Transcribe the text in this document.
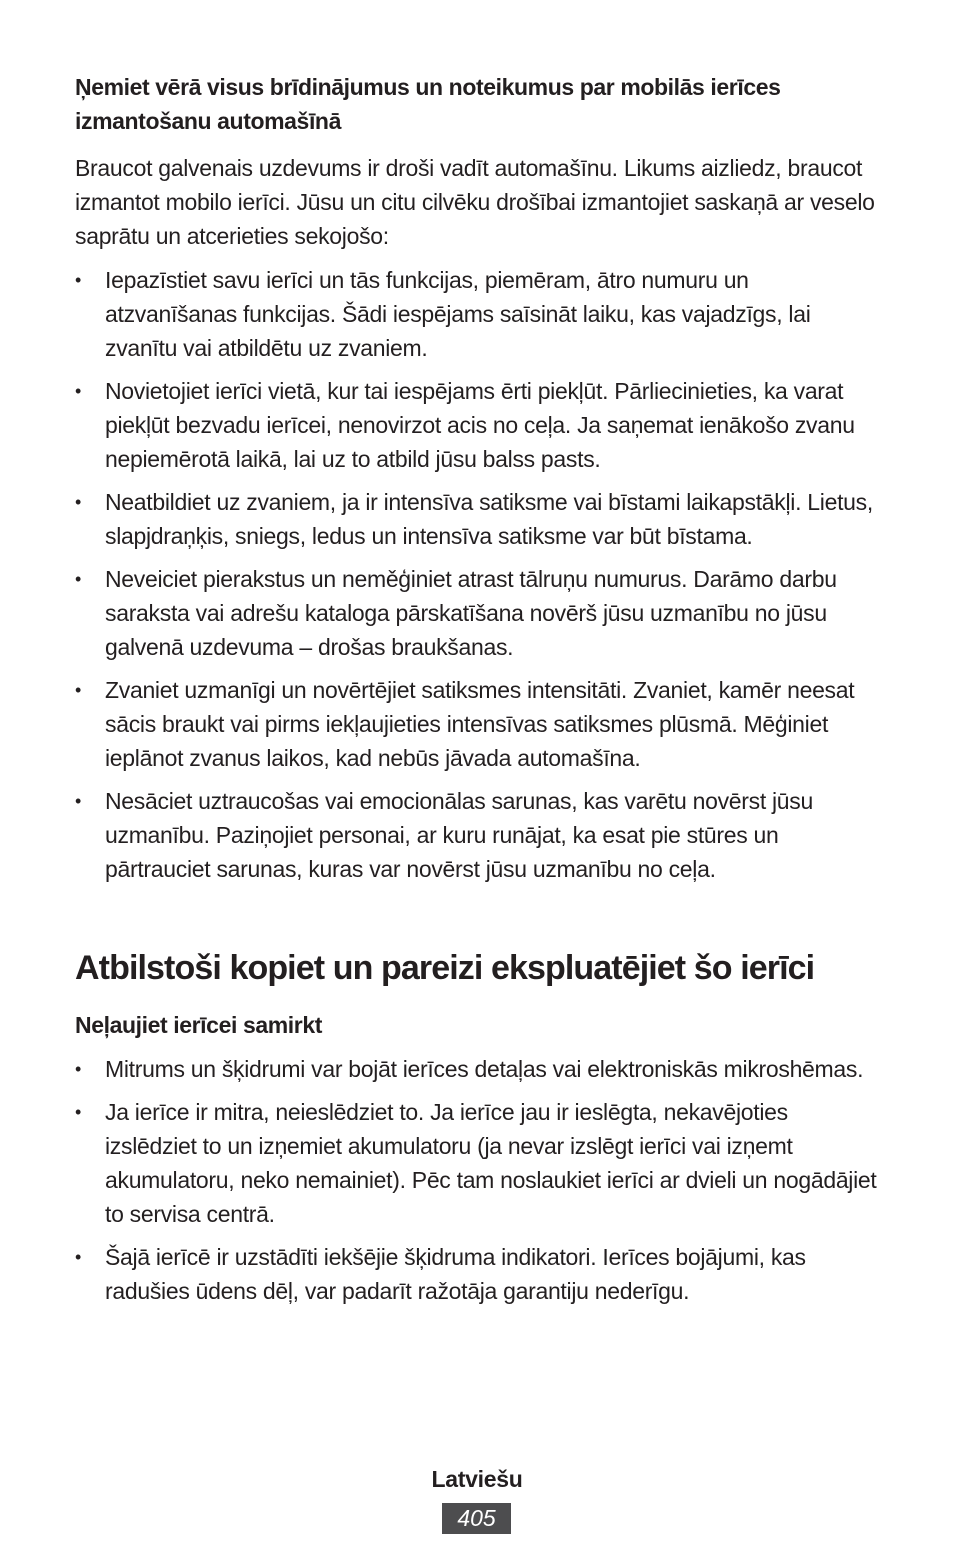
Ņemiet vērā visus brīdinājumus un noteikumus par mobilās ierīces izmantošanu automašīnā

Braucot galvenais uzdevums ir droši vadīt automašīnu. Likums aizliedz, braucot izmantot mobilo ierīci. Jūsu un citu cilvēku drošībai izmantojiet saskaņā ar veselo saprātu un atcerieties sekojošo:

•	Iepazīstiet savu ierīci un tās funkcijas, piemēram, ātro numuru un atzvanīšanas funkcijas. Šādi iespējams saīsināt laiku, kas vajadzīgs, lai zvanītu vai atbildētu uz zvaniem.
•	Novietojiet ierīci vietā, kur tai iespējams ērti piekļūt. Pārliecinieties, ka varat piekļūt bezvadu ierīcei, nenovirzot acis no ceļa. Ja saņemat ienākošo zvanu nepiemērotā laikā, lai uz to atbild jūsu balss pasts.
•	Neatbildiet uz zvaniem, ja ir intensīva satiksme vai bīstami laikapstākļi. Lietus, slapjdraņķis, sniegs, ledus un intensīva satiksme var būt bīstama.
•	Neveiciet pierakstus un neměģiniet atrast tālruņu numurus. Darāmo darbu saraksta vai adrešu kataloga pārskatīšana novērš jūsu uzmanību no jūsu galvenā uzdevuma – drošas braukšanas.
•	Zvaniet uzmanīgi un novērtējiet satiksmes intensitāti. Zvaniet, kamēr neesat sācis braukt vai pirms iekļaujieties intensīvas satiksmes plūsmā. Mēģiniet ieplānot zvanus laikos, kad nebūs jāvada automašīna.
•	Nesāciet uztraucošas vai emocionālas sarunas, kas varētu novērst jūsu uzmanību. Paziņojiet personai, ar kuru runājat, ka esat pie stūres un pārtrauciet sarunas, kuras var novērst jūsu uzmanību no ceļa.
Atbilstoši kopiet un pareizi ekspluatējiet šo ierīci
Neļaujiet ierīcei samirkt
•	Mitrums un šķidrumi var bojāt ierīces detaļas vai elektroniskās mikroshēmas.
•	Ja ierīce ir mitra, neieslēdziet to. Ja ierīce jau ir ieslēgta, nekavējoties izslēdziet to un izņemiet akumulatoru (ja nevar izslēgt ierīci vai izņemt akumulatoru, neko nemainiet). Pēc tam noslaukiet ierīci ar dvieli un nogādājiet to servisa centrā.
•	Šajā ierīcē ir uzstādīti iekšējie šķidruma indikatori. Ierīces bojājumi, kas radušies ūdens dēļ, var padarīt ražotāja garantiju nederīgu.
Latviešu
405
